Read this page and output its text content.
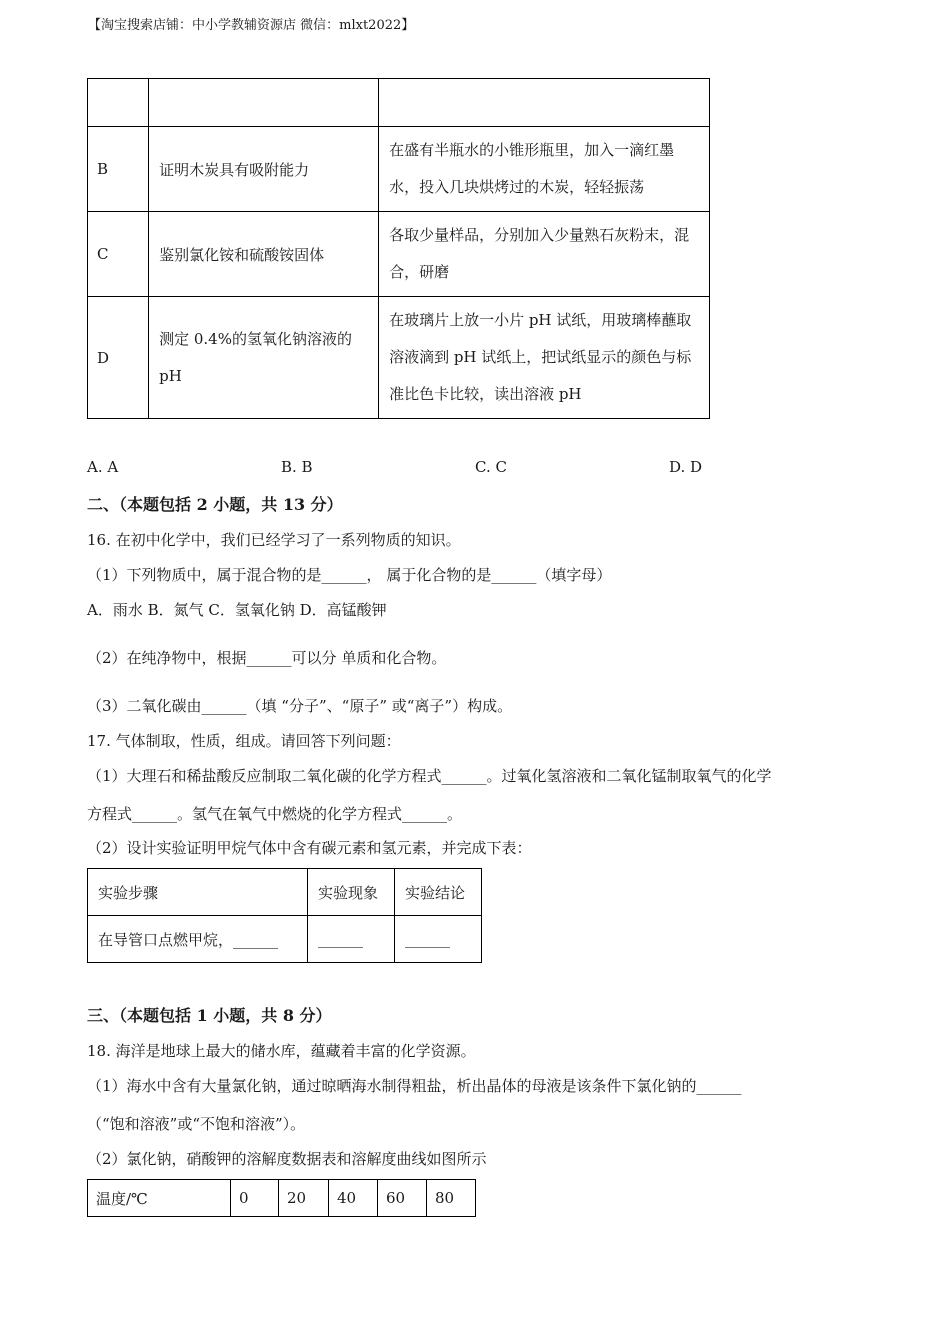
【淘宝搜索店铺：中小学教辅资源店 微信：mlxt2022】

B	证明木炭具有吸附能力	在盛有半瓶水的小锥形瓶里，加入一滴红墨水，投入几块烘烤过的木炭，轻轻振荡
C	鉴别氯化铵和硫酸铵固体	各取少量样品，分别加入少量熟石灰粉末，混合，研磨
D	测定 0.4%的氢氧化钠溶液的 pH	在玻璃片上放一小片 pH 试纸，用玻璃棒蘸取溶液滴到 pH 试纸上，把试纸显示的颜色与标准比色卡比较，读出溶液 pH
A. A	B. B	C. C	D. D
二、（本题包括 2 小题，共 13 分）
16. 在初中化学中，我们已经学习了一系列物质的知识。
（1）下列物质中，属于混合物的是______， 属于化合物的是______（填字母）
A．雨水 B．氮气 C．氢氧化钠 D．高锰酸钾
（2）在纯净物中，根据______可以分 单质和化合物。
（3）二氧化碳由______（填 “分子”、“原子” 或“离子”）构成。
17. 气体制取，性质，组成。请回答下列问题：
（1）大理石和稀盐酸反应制取二氧化碳的化学方程式______。过氧化氢溶液和二氧化锰制取氧气的化学
方程式______。氢气在氧气中燃烧的化学方程式______。
（2）设计实验证明甲烷气体中含有碳元素和氢元素，并完成下表：
实验步骤	实验现象	实验结论
在导管口点燃甲烷，______	______	______
三、（本题包括 1 小题，共 8 分）
18. 海洋是地球上最大的储水库，蕴藏着丰富的化学资源。
（1）海水中含有大量氯化钠，通过晾晒海水制得粗盐，析出晶体的母液是该条件下氯化钠的______
（“饱和溶液”或“不饱和溶液”）。
（2）氯化钠，硝酸钾的溶解度数据表和溶解度曲线如图所示
温度/℃	0	20	40	60	80
